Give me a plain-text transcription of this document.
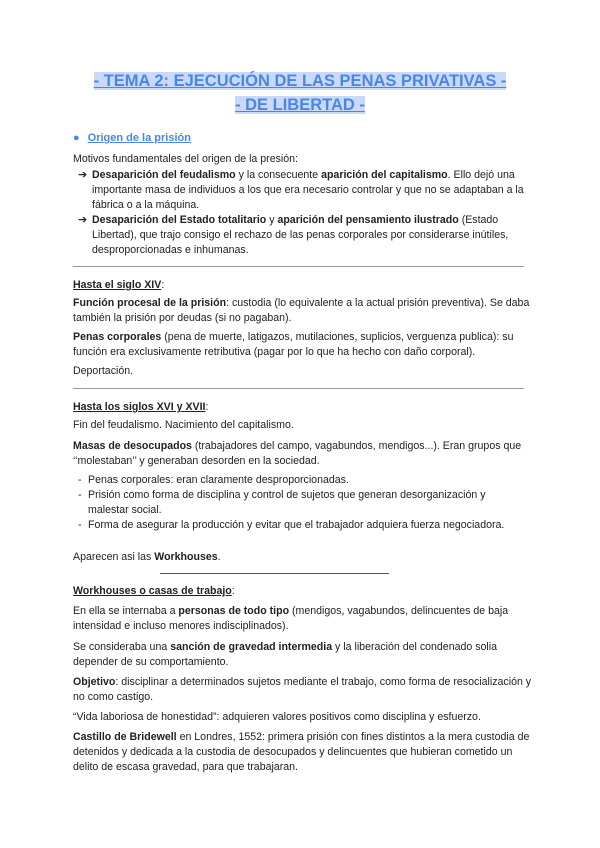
- TEMA 2: EJECUCIÓN DE LAS PENAS PRIVATIVAS -
- DE LIBERTAD -
● Origen de la prisión
Motivos fundamentales del origen de la presión:
➔ Desaparición del feudalismo y la consecuente aparición del capitalismo. Ello dejó una importante masa de individuos a los que era necesario controlar y que no se adaptaban a la fábrica o a la máquina.
➔ Desaparición del Estado totalitario y aparición del pensamiento ilustrado (Estado Libertad), que trajo consigo el rechazo de las penas corporales por considerarse inútiles, desproporcionadas e inhumanas.
Hasta el siglo XIV:
Función procesal de la prisión: custodia (lo equivalente a la actual prisión preventiva). Se daba también la prisión por deudas (si no pagaban).
Penas corporales (pena de muerte, latigazos, mutilaciones, suplicios, verguenza publica): su función era exclusivamente retributiva (pagar por lo que ha hecho con daño corporal).
Deportación.
Hasta los siglos XVI y XVII:
Fin del feudalismo. Nacimiento del capitalismo.
Masas de desocupados (trabajadores del campo, vagabundos, mendigos...). Eran grupos que ‘‘molestaban’’ y generaban desorden en la sociedad.
- Penas corporales: eran claramente desproporcionadas.
- Prisión como forma de disciplina y control de sujetos que generan desorganización y malestar social.
- Forma de asegurar la producción y evitar que el trabajador adquiera fuerza negociadora.
Aparecen asi las Workhouses.
Workhouses o casas de trabajo:
En ella se internaba a personas de todo tipo (mendigos, vagabundos, delincuentes de baja intensidad e incluso menores indisciplinados).
Se consideraba una sanción de gravedad intermedia y la liberación del condenado solia depender de su comportamiento.
Objetivo: disciplinar a determinados sujetos mediante el trabajo, como forma de resocialización y no como castigo.
“Vida laboriosa de honestidad”: adquieren valores positivos como disciplina y esfuerzo.
Castillo de Bridewell en Londres, 1552: primera prisión con fines distintos a la mera custodia de detenidos y dedicada a la custodia de desocupados y delincuentes que hubieran cometido un delito de escasa gravedad, para que trabajaran.
